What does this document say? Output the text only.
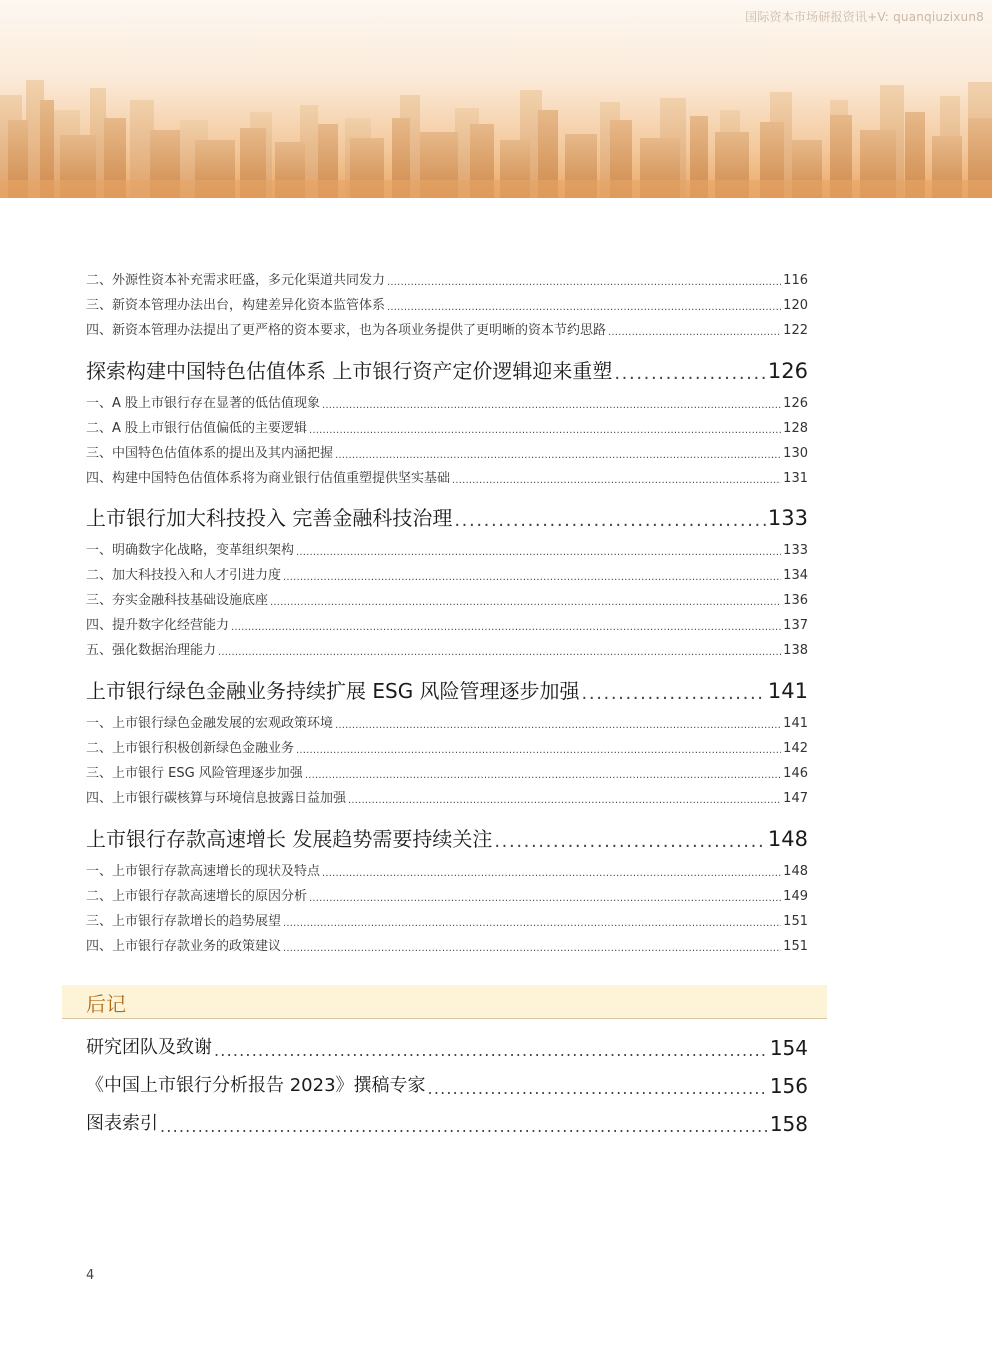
国际资本市场研报资讯+V: quanqiuzixun8
二、外源性资本补充需求旺盛，多元化渠道共同发力 .....	116
三、新资本管理办法出台，构建差异化资本监管体系 .....	120
四、新资本管理办法提出了更严格的资本要求，也为各项业务提供了更明晰的资本节约思路 .....	122
探索构建中国特色估值体系 上市银行资产定价逻辑迎来重塑 .....	126
一、A 股上市银行存在显著的低估值现象 .....	126
二、A 股上市银行估值偏低的主要逻辑 .....	128
三、中国特色估值体系的提出及其内涵把握 .....	130
四、构建中国特色估值体系将为商业银行估值重塑提供坚实基础 .....	131
上市银行加大科技投入 完善金融科技治理 .....	133
一、明确数字化战略，变革组织架构 .....	133
二、加大科技投入和人才引进力度 .....	134
三、夯实金融科技基础设施底座 .....	136
四、提升数字化经营能力 .....	137
五、强化数据治理能力 .....	138
上市银行绿色金融业务持续扩展 ESG 风险管理逐步加强 .....	141
一、上市银行绿色金融发展的宏观政策环境 .....	141
二、上市银行积极创新绿色金融业务 .....	142
三、上市银行 ESG 风险管理逐步加强 .....	146
四、上市银行碳核算与环境信息披露日益加强 .....	147
上市银行存款高速增长 发展趋势需要持续关注 .....	148
一、上市银行存款高速增长的现状及特点 .....	148
二、上市银行存款高速增长的原因分析 .....	149
三、上市银行存款增长的趋势展望 .....	151
四、上市银行存款业务的政策建议 .....	151
后记
研究团队及致谢 .....	154
《中国上市银行分析报告 2023》撰稿专家 .....	156
图表索引 .....	158
4
